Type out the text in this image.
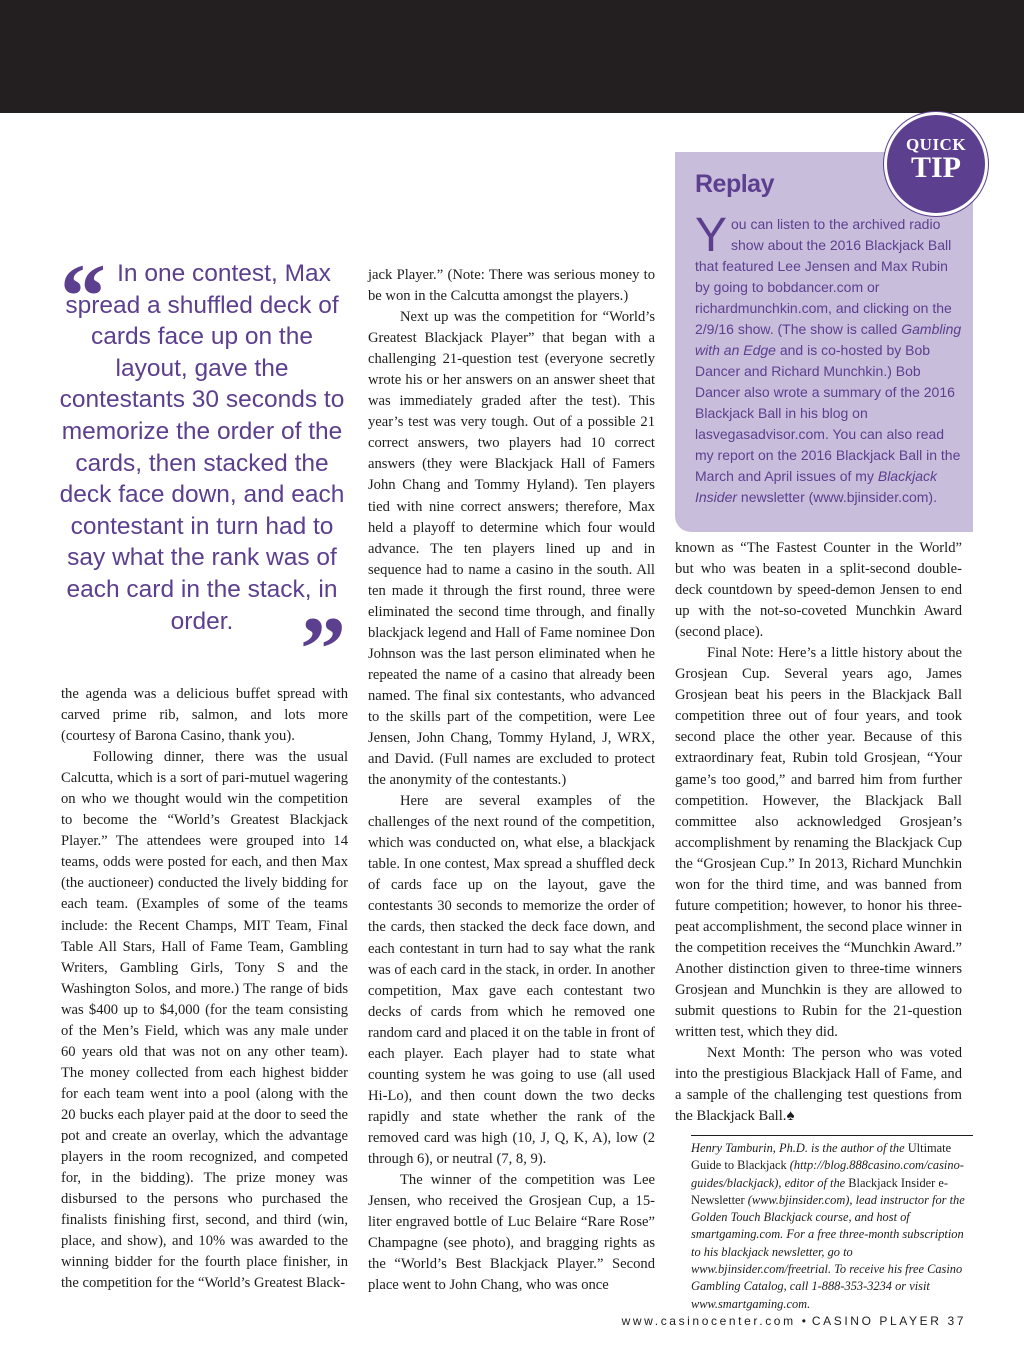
“ In one contest, Max spread a shuffled deck of cards face up on the layout, gave the contestants 30 seconds to memorize the order of the cards, then stacked the deck face down, and each contestant in turn had to say what the rank was of each card in the stack, in order. ”

the agenda was a delicious buffet spread with carved prime rib, salmon, and lots more (courtesy of Barona Casino, thank you).

Following dinner, there was the usual Calcutta, which is a sort of pari-mutuel wagering on who we thought would win the competition to become the “World’s Greatest Blackjack Player.” The attendees were grouped into 14 teams, odds were posted for each, and then Max (the auctioneer) conducted the lively bidding for each team. (Examples of some of the teams include: the Recent Champs, MIT Team, Final Table All Stars, Hall of Fame Team, Gambling Writers, Gambling Girls, Tony S and the Washington Solos, and more.) The range of bids was $400 up to $4,000 (for the team consisting of the Men’s Field, which was any male under 60 years old that was not on any other team). The money collected from each highest bidder for each team went into a pool (along with the 20 bucks each player paid at the door to seed the pot and create an overlay, which the advantage players in the room recognized, and competed for, in the bidding). The prize money was disbursed to the persons who purchased the finalists finishing first, second, and third (win, place, and show), and 10% was awarded to the winning bidder for the fourth place finisher, in the competition for the “World’s Greatest Black-

jack Player.” (Note: There was serious money to be won in the Calcutta amongst the players.)

Next up was the competition for “World’s Greatest Blackjack Player” that began with a challenging 21-question test (everyone secretly wrote his or her answers on an answer sheet that was immediately graded after the test). This year’s test was very tough. Out of a possible 21 correct answers, two players had 10 correct answers (they were Blackjack Hall of Famers John Chang and Tommy Hyland). Ten players tied with nine correct answers; therefore, Max held a playoff to determine which four would advance. The ten players lined up and in sequence had to name a casino in the south. All ten made it through the first round, three were eliminated the second time through, and finally blackjack legend and Hall of Fame nominee Don Johnson was the last person eliminated when he repeated the name of a casino that already been named. The final six contestants, who advanced to the skills part of the competition, were Lee Jensen, John Chang, Tommy Hyland, J, WRX, and David. (Full names are excluded to protect the anonymity of the contestants.)

Here are several examples of the challenges of the next round of the competition, which was conducted on, what else, a blackjack table. In one contest, Max spread a shuffled deck of cards face up on the layout, gave the contestants 30 seconds to memorize the order of the cards, then stacked the deck face down, and each contestant in turn had to say what the rank was of each card in the stack, in order. In another competition, Max gave each contestant two decks of cards from which he removed one random card and placed it on the table in front of each player. Each player had to state what counting system he was going to use (all used Hi-Lo), and then count down the two decks rapidly and state whether the rank of the removed card was high (10, J, Q, K, A), low (2 through 6), or neutral (7, 8, 9).

The winner of the competition was Lee Jensen, who received the Grosjean Cup, a 15-liter engraved bottle of Luc Belaire “Rare Rose” Champagne (see photo), and bragging rights as the “World’s Best Blackjack Player.” Second place went to John Chang, who was once

Replay
You can listen to the archived radio show about the 2016 Blackjack Ball that featured Lee Jensen and Max Rubin by going to bobdancer.com or richardmunchkin.com, and clicking on the 2/9/16 show. (The show is called Gambling with an Edge and is co-hosted by Bob Dancer and Richard Munchkin.) Bob Dancer also wrote a summary of the 2016 Blackjack Ball in his blog on lasvegasadvisor.com. You can also read my report on the 2016 Blackjack Ball in the March and April issues of my Blackjack Insider newsletter (www.bjinsider.com).
QUICK
TIP

known as “The Fastest Counter in the World” but who was beaten in a split-second double-deck countdown by speed-demon Jensen to end up with the not-so-coveted Munchkin Award (second place).

Final Note: Here’s a little history about the Grosjean Cup. Several years ago, James Grosjean beat his peers in the Blackjack Ball competition three out of four years, and took second place the other year. Because of this extraordinary feat, Rubin told Grosjean, “Your game’s too good,” and barred him from further competition. However, the Blackjack Ball committee also acknowledged Grosjean’s accomplishment by renaming the Blackjack Cup the “Grosjean Cup.” In 2013, Richard Munchkin won for the third time, and was banned from future competition; however, to honor his three-peat accomplishment, the second place winner in the competition receives the “Munchkin Award.” Another distinction given to three-time winners Grosjean and Munchkin is they are allowed to submit questions to Rubin for the 21-question written test, which they did.

Next Month: The person who was voted into the prestigious Blackjack Hall of Fame, and a sample of the challenging test questions from the Blackjack Ball.♠

Henry Tamburin, Ph.D. is the author of the Ultimate Guide to Blackjack (http://blog.888casino.com/casino-guides/blackjack), editor of the Blackjack Insider e-Newsletter (www.bjinsider.com), lead instructor for the Golden Touch Blackjack course, and host of smartgaming.com. For a free three-month subscription to his blackjack newsletter, go to www.bjinsider.com/freetrial. To receive his free Casino Gambling Catalog, call 1-888-353-3234 or visit www.smartgaming.com.
www.casinocenter.com • CASINO PLAYER 37
